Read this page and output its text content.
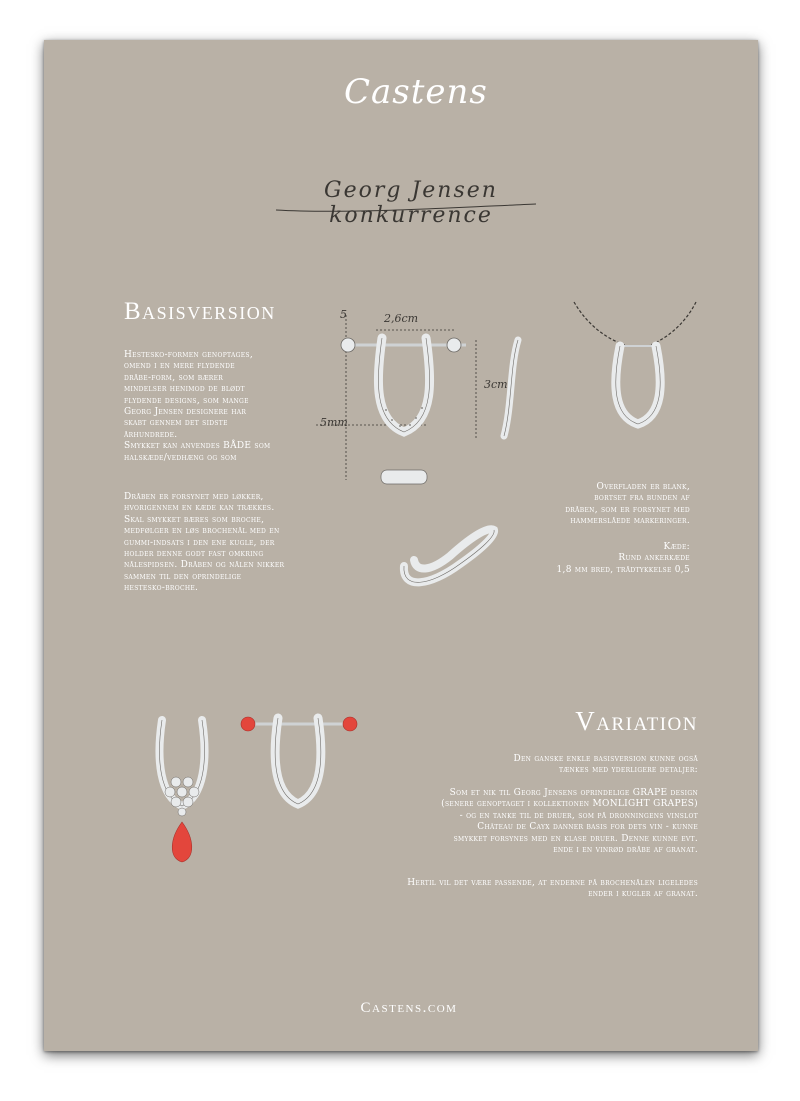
Castens
Georg Jensen konkurrence
Basisversion

Hestesko-formen genoptages,

omend i en mere flydende

dråbe-form, som bærer

mindelser henimod de blødt

flydende designs, som mange

Georg Jensen designere har

skabt gennem det sidste

århundrede.

Smykket kan anvendes BÅDE som

halskæde/vedhæng og som

Dråben er forsynet med løkker,

hvorigennem en kæde kan trækkes.

Skal smykket bæres som broche,

medfølger en løs brochenål med en

gummi-indsats i den ene kugle, der

holder denne godt fast omkring

nålespidsen. Dråben og nålen nikker

sammen til den oprindelige

hestesko-broche.

Overfladen er blank,

bortset fra bunden af

dråben, som er forsynet med

hammerslåede markeringer.

Kæde:

Rund ankerkæde

1,8 mm bred, trådtykkelse 0,5

2,6cm
3cm
5
5mm
Variation

Den ganske enkle basisversion kunne også

tænkes med yderligere detaljer:

Som et nik til Georg Jensens oprindelige GRAPE design

(senere genoptaget i kollektionen MONLIGHT GRAPES)

- og en tanke til de druer, som på dronningens vinslot

Château de Cayx danner basis for dets vin - kunne

smykket forsynes med en klase druer. Denne kunne evt.

ende i en vinrød dråbe af granat.

Hertil vil det være passende, at enderne på brochenålen ligeledes

ender i kugler af granat.

Castens.com
